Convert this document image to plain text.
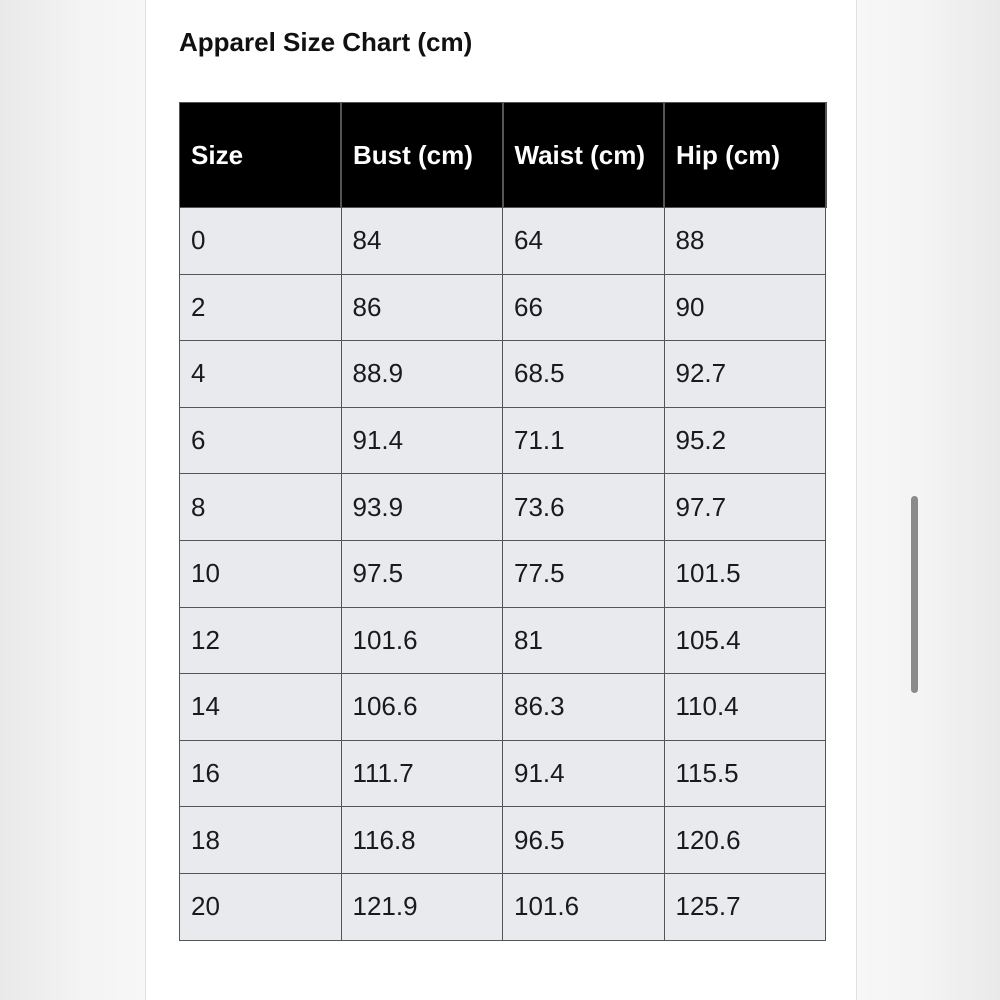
Apparel Size Chart (cm)
Size	Bust (cm)	Waist (cm)	Hip (cm)
0	84	64	88
2	86	66	90
4	88.9	68.5	92.7
6	91.4	71.1	95.2
8	93.9	73.6	97.7
10	97.5	77.5	101.5
12	101.6	81	105.4
14	106.6	86.3	110.4
16	111.7	91.4	115.5
18	116.8	96.5	120.6
20	121.9	101.6	125.7
